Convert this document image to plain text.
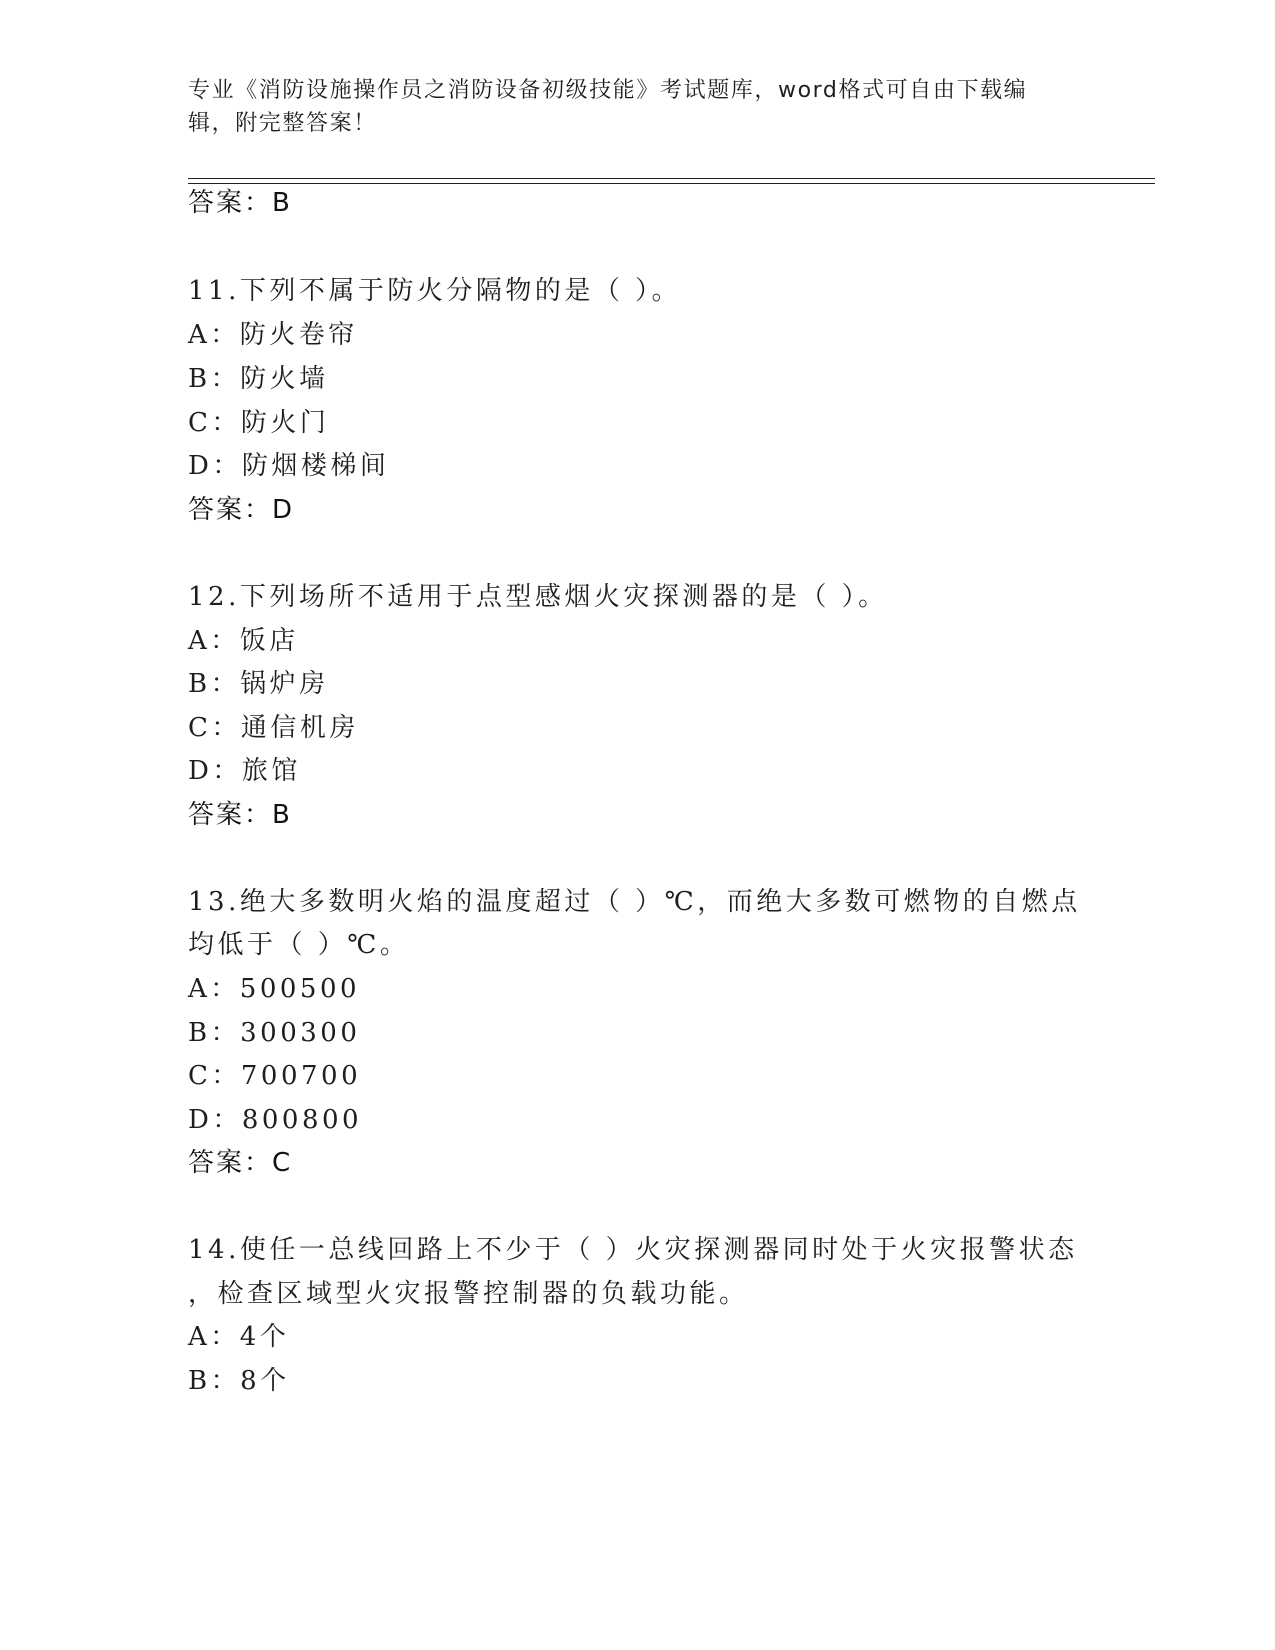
专业《消防设施操作员之消防设备初级技能》考试题库，word格式可自由下载编
辑，附完整答案！
答案：B
11.下列不属于防火分隔物的是（ ）。
A：防火卷帘
B：防火墙
C：防火门
D：防烟楼梯间
答案：D
12.下列场所不适用于点型感烟火灾探测器的是（ ）。
A：饭店
B：锅炉房
C：通信机房
D：旅馆
答案：B
13.绝大多数明火焰的温度超过（ ）℃，而绝大多数可燃物的自燃点
均低于（ ）℃。
A：500500
B：300300
C：700700
D：800800
答案：C
14.使任一总线回路上不少于（ ）火灾探测器同时处于火灾报警状态
，检查区域型火灾报警控制器的负载功能。
A：4个
B：8个
